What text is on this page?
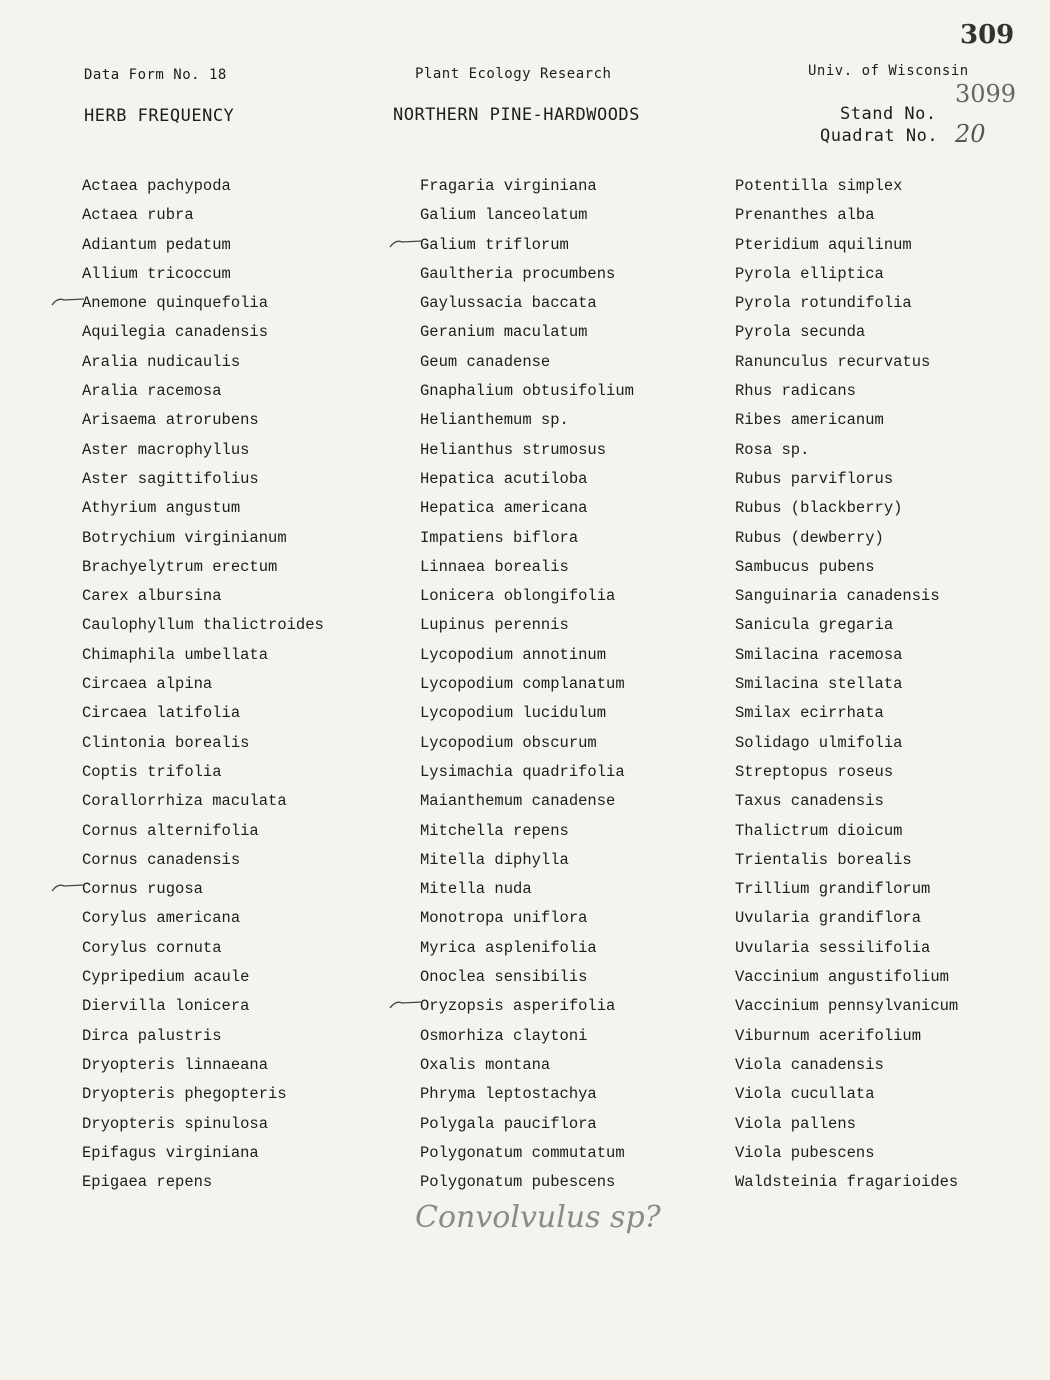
Data Form No. 18	Plant Ecology Research	Univ. of Wisconsin
HERB FREQUENCY	NORTHERN PINE-HARDWOODS	Stand No.
Quadrat No.
309
3099
20
Actaea pachypoda
Actaea rubra
Adiantum pedatum
Allium tricoccum
Anemone quinquefolia
Aquilegia canadensis
Aralia nudicaulis
Aralia racemosa
Arisaema atrorubens
Aster macrophyllus
Aster sagittifolius
Athyrium angustum
Botrychium virginianum
Brachyelytrum erectum
Carex albursina
Caulophyllum thalictroides
Chimaphila umbellata
Circaea alpina
Circaea latifolia
Clintonia borealis
Coptis trifolia
Corallorrhiza maculata
Cornus alternifolia
Cornus canadensis
Cornus rugosa
Corylus americana
Corylus cornuta
Cypripedium acaule
Diervilla lonicera
Dirca palustris
Dryopteris linnaeana
Dryopteris phegopteris
Dryopteris spinulosa
Epifagus virginiana
Epigaea repens
Fragaria virginiana
Galium lanceolatum
Galium triflorum
Gaultheria procumbens
Gaylussacia baccata
Geranium maculatum
Geum canadense
Gnaphalium obtusifolium
Helianthemum sp.
Helianthus strumosus
Hepatica acutiloba
Hepatica americana
Impatiens biflora
Linnaea borealis
Lonicera oblongifolia
Lupinus perennis
Lycopodium annotinum
Lycopodium complanatum
Lycopodium lucidulum
Lycopodium obscurum
Lysimachia quadrifolia
Maianthemum canadense
Mitchella repens
Mitella diphylla
Mitella nuda
Monotropa uniflora
Myrica asplenifolia
Onoclea sensibilis
Oryzopsis asperifolia
Osmorhiza claytoni
Oxalis montana
Phryma leptostachya
Polygala pauciflora
Polygonatum commutatum
Polygonatum pubescens
Potentilla simplex
Prenanthes alba
Pteridium aquilinum
Pyrola elliptica
Pyrola rotundifolia
Pyrola secunda
Ranunculus recurvatus
Rhus radicans
Ribes americanum
Rosa sp.
Rubus parviflorus
Rubus (blackberry)
Rubus (dewberry)
Sambucus pubens
Sanguinaria canadensis
Sanicula gregaria
Smilacina racemosa
Smilacina stellata
Smilax ecirrhata
Solidago ulmifolia
Streptopus roseus
Taxus canadensis
Thalictrum dioicum
Trientalis borealis
Trillium grandiflorum
Uvularia grandiflora
Uvularia sessilifolia
Vaccinium angustifolium
Vaccinium pennsylvanicum
Viburnum acerifolium
Viola canadensis
Viola cucullata
Viola pallens
Viola pubescens
Waldsteinia fragarioides
Convolvulus sp?
